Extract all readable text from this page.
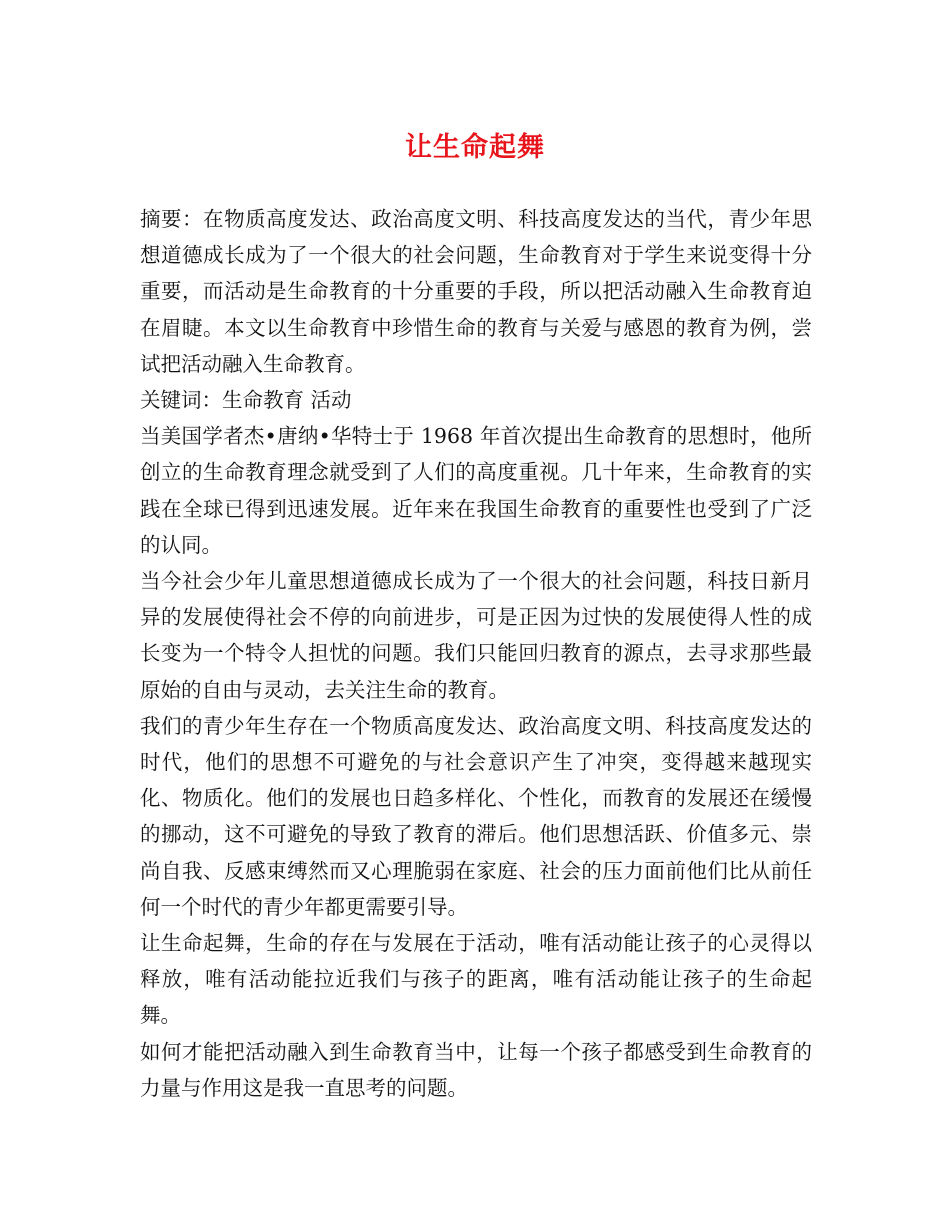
让生命起舞

摘要：在物质高度发达、政治高度文明、科技高度发达的当代，青少年思想道德成长成为了一个很大的社会问题，生命教育对于学生来说变得十分重要，而活动是生命教育的十分重要的手段，所以把活动融入生命教育迫在眉睫。本文以生命教育中珍惜生命的教育与关爱与感恩的教育为例，尝试把活动融入生命教育。

关键词：生命教育 活动

当美国学者杰•唐纳•华特士于 1968 年首次提出生命教育的思想时，他所创立的生命教育理念就受到了人们的高度重视。几十年来，生命教育的实践在全球已得到迅速发展。近年来在我国生命教育的重要性也受到了广泛的认同。

当今社会少年儿童思想道德成长成为了一个很大的社会问题，科技日新月异的发展使得社会不停的向前进步，可是正因为过快的发展使得人性的成长变为一个特令人担忧的问题。我们只能回归教育的源点，去寻求那些最原始的自由与灵动，去关注生命的教育。

我们的青少年生存在一个物质高度发达、政治高度文明、科技高度发达的时代，他们的思想不可避免的与社会意识产生了冲突，变得越来越现实化、物质化。他们的发展也日趋多样化、个性化，而教育的发展还在缓慢的挪动，这不可避免的导致了教育的滞后。他们思想活跃、价值多元、崇尚自我、反感束缚然而又心理脆弱在家庭、社会的压力面前他们比从前任何一个时代的青少年都更需要引导。

让生命起舞，生命的存在与发展在于活动，唯有活动能让孩子的心灵得以释放，唯有活动能拉近我们与孩子的距离，唯有活动能让孩子的生命起舞。

如何才能把活动融入到生命教育当中，让每一个孩子都感受到生命教育的力量与作用这是我一直思考的问题。
